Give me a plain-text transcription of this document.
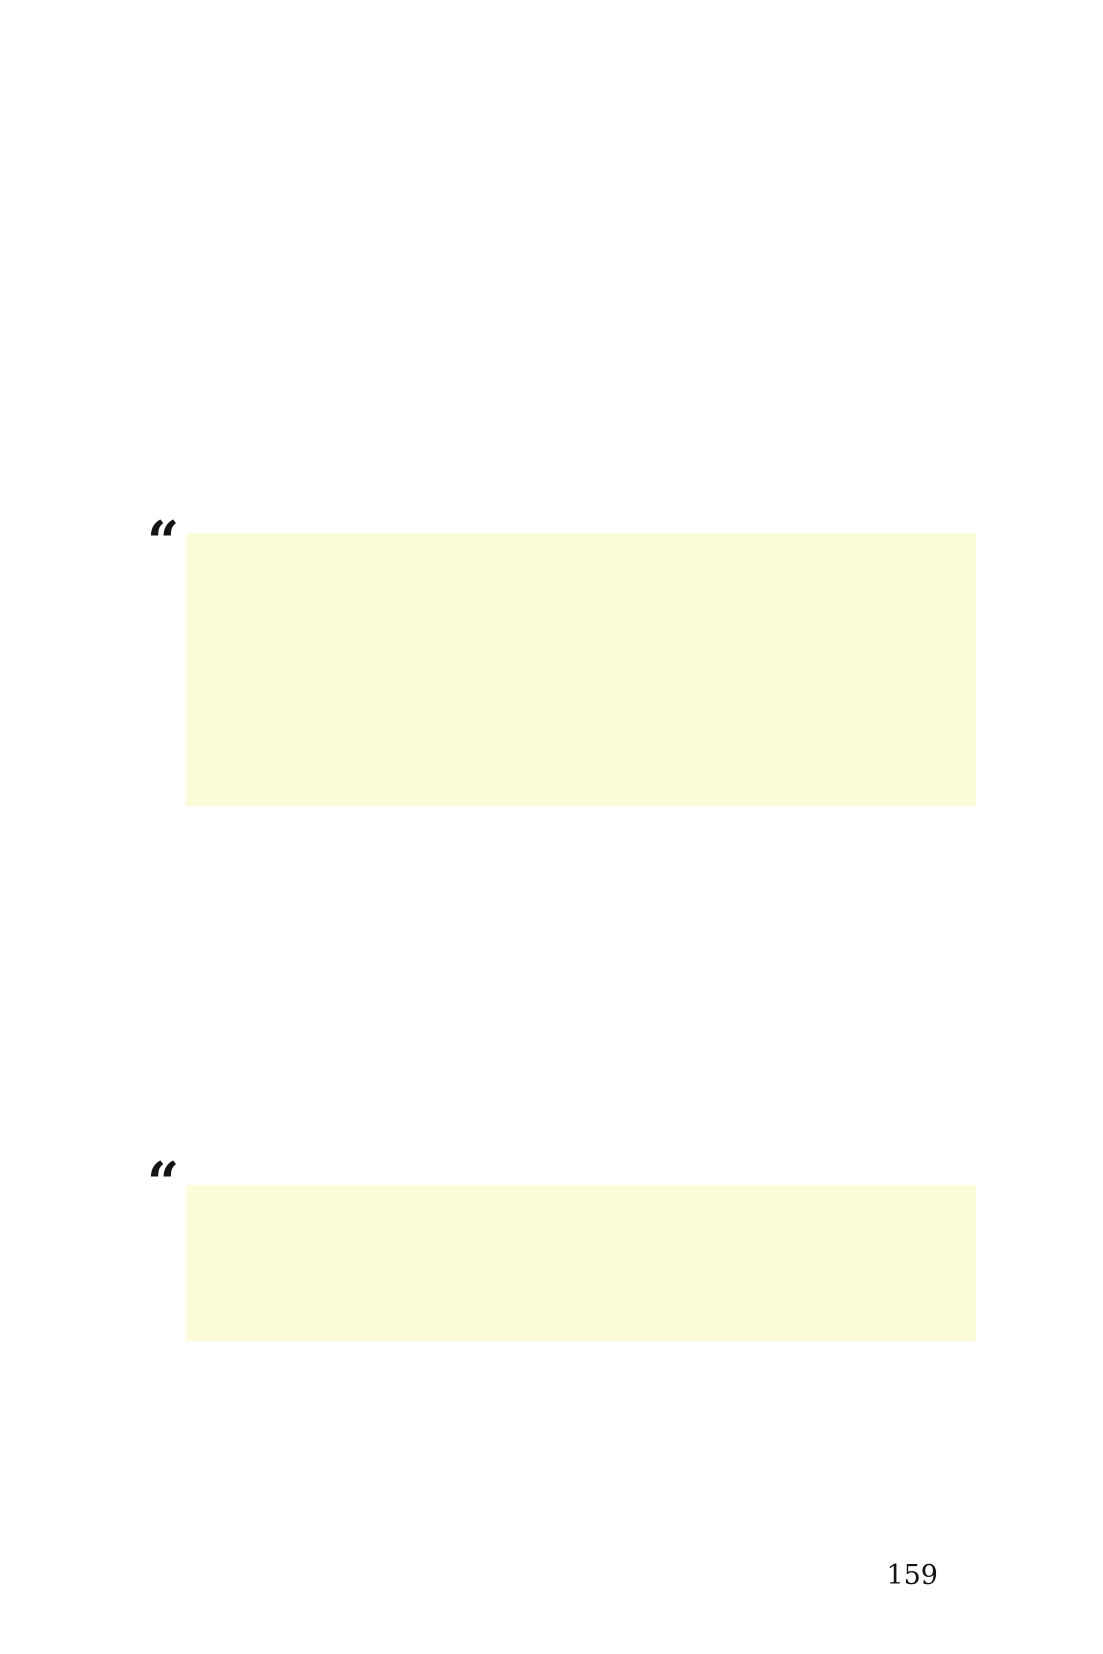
“
“
159
